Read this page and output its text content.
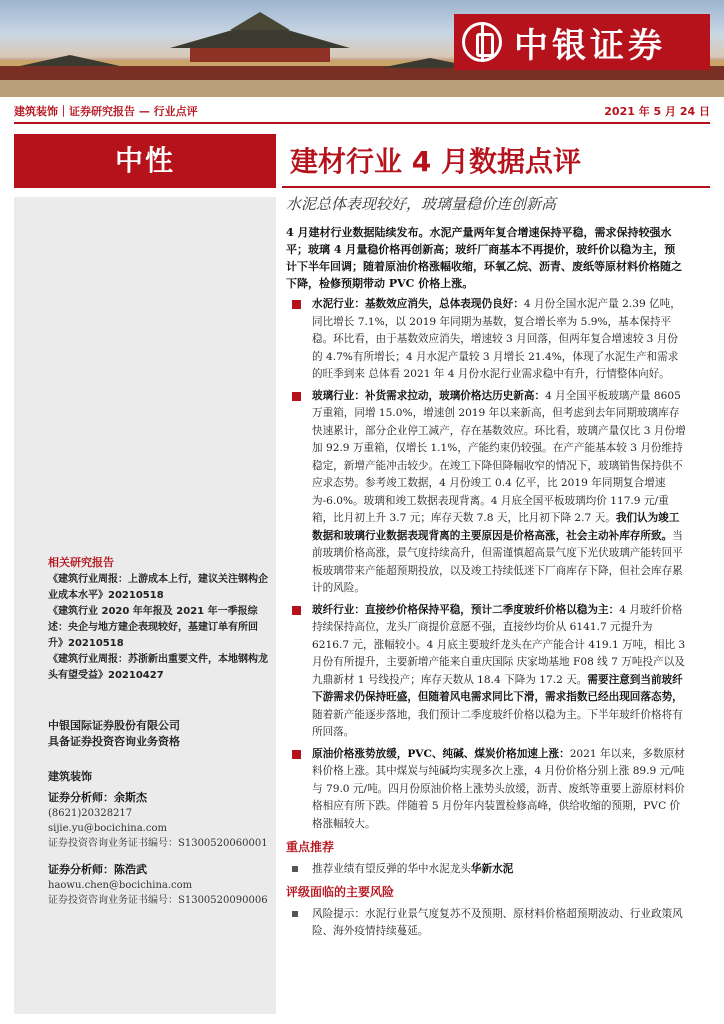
中银证券
建筑装饰｜证券研究报告 — 行业点评	2021 年 5 月 24 日
中性	建材行业 4 月数据点评
水泥总体表现较好，玻璃量稳价连创新高
4 月建材行业数据陆续发布。水泥产量两年复合增速保持平稳，需求保持较强水平；玻璃 4 月量稳价格再创新高；玻纤厂商基本不再提价，玻纤价以稳为主，预计下半年回调；随着原油价格涨幅收缩，环氧乙烷、沥青、废纸等原材料价格随之下降，检修预期带动 PVC 价格上涨。
水泥行业：基数效应消失，总体表现仍良好：4 月份全国水泥产量 2.39 亿吨，同比增长 7.1%，以 2019 年同期为基数，复合增长率为 5.9%，基本保持平稳。环比看，由于基数效应消失，增速较 3 月回落，但两年复合增速较 3 月份的 4.7%有所增长；4 月水泥产量较 3 月增长 21.4%，体现了水泥生产和需求的旺季到来 总体看 2021 年 4 月份水泥行业需求稳中有升，行情整体向好。
玻璃行业：补货需求拉动，玻璃价格达历史新高：4 月全国平板玻璃产量 8605 万重箱，同增 15.0%，增速创 2019 年以来新高，但考虑到去年同期玻璃库存快速累计，部分企业停工减产，存在基数效应。环比看，玻璃产量仅比 3 月份增加 92.9 万重箱，仅增长 1.1%，产能约束仍较强。在产产能基本较 3 月份维持稳定，新增产能冲击较少。在竣工下降但降幅收窄的情况下，玻璃销售保持供不应求态势。参考竣工数据，4 月份竣工 0.4 亿平，比 2019 年同期复合增速为-6.0%。玻璃和竣工数据表现背离。4 月底全国平板玻璃均价 117.9 元/重箱，比月初上升 3.7 元；库存天数 7.8 天，比月初下降 2.7 天。我们认为竣工数据和玻璃行业数据表现背离的主要原因是价格高涨，社会主动补库存所致。当前玻璃价格高涨，景气度持续高升，但需谨慎超高景气度下光伏玻璃产能转回平板玻璃带来产能超预期投放，以及竣工持续低迷下厂商库存下降，但社会库存累计的风险。
玻纤行业：直接纱价格保持平稳，预计二季度玻纤价格以稳为主：4 月玻纤价格持续保持高位，龙头厂商提价意愿不强，直接纱均价从 6141.7 元提升为 6216.7 元，涨幅较小。4 月底主要玻纤龙头在产产能合计 419.1 万吨，相比 3 月份有所提升，主要新增产能来自重庆国际 庆家坳基地 F08 线 7 万吨投产以及九鼎新材 1 号线投产；库存天数从 18.4 下降为 17.2 天。需要注意到当前玻纤下游需求仍保持旺盛，但随着风电需求同比下滑，需求指数已经出现回落态势，随着新产能逐步落地，我们预计二季度玻纤价格以稳为主。下半年玻纤价格将有所回落。
原油价格涨势放缓，PVC、纯碱、煤炭价格加速上涨：2021 年以来，多数原材料价格上涨。其中煤炭与纯碱均实现多次上涨，4 月份价格分别上涨 89.9 元/吨与 79.0 元/吨。四月份原油价格上涨势头放缓，沥青、废纸等重要上游原材料价格相应有所下跌。伴随着 5 月份年内装置检修高峰，供给收缩的预期，PVC 价格涨幅较大。
重点推荐
推荐业绩有望反弹的华中水泥龙头华新水泥
评级面临的主要风险
风险提示：水泥行业景气度复苏不及预期、原材料价格超预期波动、行业政策风险、海外疫情持续蔓延。
相关研究报告
《建筑行业周报：上游成本上行，建议关注钢构企业成本水平》20210518
《建筑行业 2020 年年报及 2021 年一季报综述：央企与地方建企表现较好，基建订单有所回升》20210518
《建筑行业周报：苏浙新出重要文件，本地钢构龙头有望受益》20210427
中银国际证券股份有限公司
具备证券投资咨询业务资格
建筑装饰
证券分析师：余斯杰
(8621)20328217
sijie.yu@bocichina.com
证券投资咨询业务证书编号：S1300520060001
证券分析师：陈浩武
haowu.chen@bocichina.com
证券投资咨询业务证书编号：S1300520090006
